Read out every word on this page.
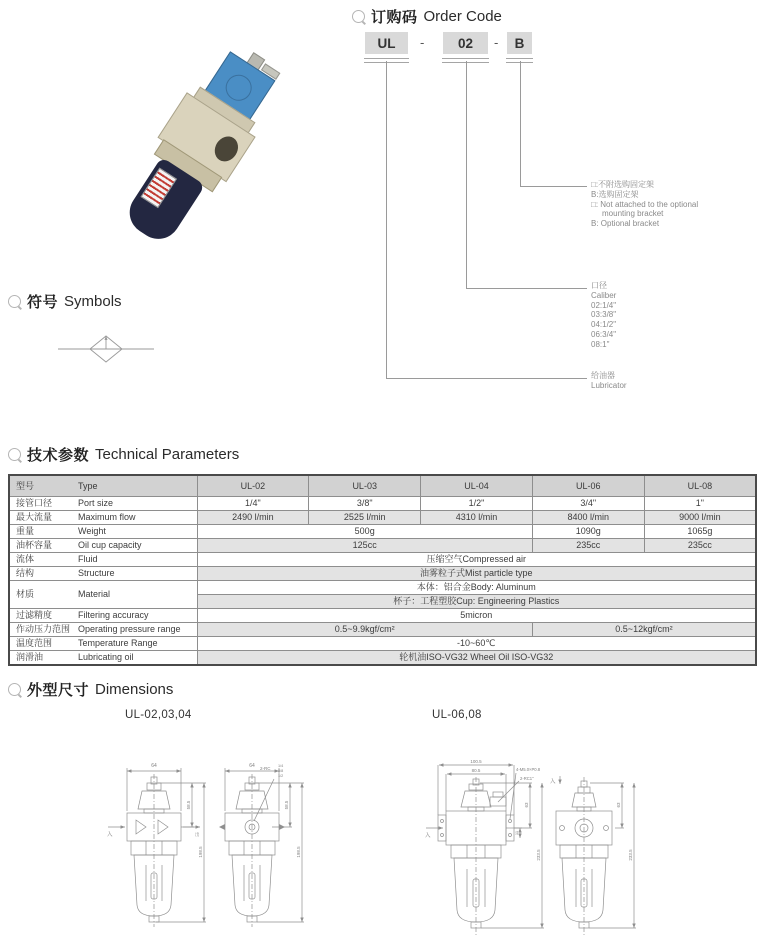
订购码 Order Code
UL	-	02	-	B
□:不附选购固定架
B:选购固定架
□: Not attached to the optional
mounting bracket
B: Optional bracket
口径
Caliber
02:1/4"
03:3/8"
04:1/2"
06:3/4"
08:1"
给油器
Lubricator
符号 Symbols
技术参数 Technical Parameters
型号 Type	UL-02	UL-03	UL-04	UL-06	UL-08
接管口径 Port size	1/4"	3/8"	1/2"	3/4"	1"
最大流量 Maximum flow	2490 l/min	2525 l/min	4310 l/min	8400 l/min	9000 l/min
重量 Weight	500g			1090g	1065g
油杯容量 Oil cup capacity	125cc			235cc	235cc
流体 Fluid	压缩空气Compressed air				
结构 Structure	油雾粒子式Mist particle type				
材质 Material	本体：铝合金Body: Aluminum				
	杯子：工程塑胶Cup: Engineering Plastics				
过滤精度 Filtering accuracy	5micron				
作动压力范围 Operating pressure range	0.5~9.9kgf/cm²			0.5~12kgf/cm²	
温度范围 Temperature Range	-10~60℃				
润滑油 Lubricating oil	轮机油ISO-VG32 Wheel Oil ISO-VG32				
外型尺寸 Dimensions
UL-02,03,04	UL-06,08
64
入	出
58.5
198.5
64 2-RC 1/4
3/8
1/2
58.5
198.5
100.5
80.5	4-M5.0×P0.8
2-RC1"
入	11
63
233.5
入
63
233.5
